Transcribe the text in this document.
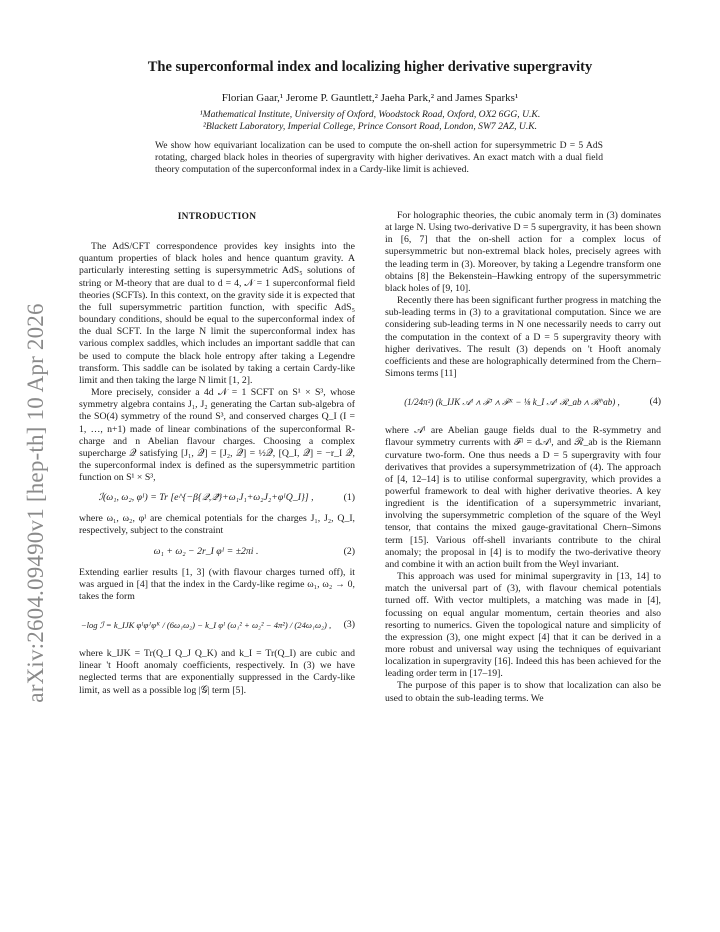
arXiv:2604.09490v1 [hep-th] 10 Apr 2026
The superconformal index and localizing higher derivative supergravity
Florian Gaar,¹ Jerome P. Gauntlett,² Jaeha Park,² and James Sparks¹
¹Mathematical Institute, University of Oxford, Woodstock Road, Oxford, OX2 6GG, U.K.
²Blackett Laboratory, Imperial College, Prince Consort Road, London, SW7 2AZ, U.K.
We show how equivariant localization can be used to compute the on-shell action for supersymmetric D = 5 AdS rotating, charged black holes in theories of supergravity with higher derivatives. An exact match with a dual field theory computation of the superconformal index in a Cardy-like limit is achieved.
INTRODUCTION

The AdS/CFT correspondence provides key insights into the quantum properties of black holes and hence quantum gravity. A particularly interesting setting is supersymmetric AdS₅ solutions of string or M-theory that are dual to d = 4, 𝒩 = 1 superconformal field theories (SCFTs). In this context, on the gravity side it is expected that the full supersymmetric partition function, with specific AdS₅ boundary conditions, should be equal to the superconformal index of the dual SCFT. In the large N limit the superconformal index has various complex saddles, which includes an important saddle that can be used to compute the black hole entropy after taking a Legendre transform. This saddle can be isolated by taking a certain Cardy-like limit and then taking the large N limit [1, 2].

More precisely, consider a 4d 𝒩 = 1 SCFT on S¹ × S³, whose symmetry algebra contains J₁, J₂ generating the Cartan sub-algebra of the SO(4) symmetry of the round S³, and conserved charges Q_I (I = 1, …, n+1) made of linear combinations of the superconformal R-charge and n Abelian flavour charges. Choosing a complex supercharge 𝒬 satisfying [J₁, 𝒬] = [J₂, 𝒬] = ½𝒬, [Q_I, 𝒬] = −r_I 𝒬, the superconformal index is defined as the supersymmetric partition function on S¹ × S³,

ℐ(ω₁, ω₂, φᴵ) = Tr [e^{−β{𝒬,𝒬̄}+ω₁J₁+ω₂J₂+φᴵQ_I}] ,	(1)

where ω₁, ω₂, φᴵ are chemical potentials for the charges J₁, J₂, Q_I, respectively, subject to the constraint

ω₁ + ω₂ − 2r_I φᴵ = ±2πi .	(2)

Extending earlier results [1, 3] (with flavour charges turned off), it was argued in [4] that the index in the Cardy-like regime ω₁, ω₂ → 0, takes the form

−log ℐ = k_IJK φᴵφᴶφᴷ / (6ω₁ω₂) − k_I φᴵ (ω₁² + ω₂² − 4π²) / (24ω₁ω₂) ,	(3)

where k_IJK = Tr(Q_I Q_J Q_K) and k_I = Tr(Q_I) are cubic and linear 't Hooft anomaly coefficients, respectively. In (3) we have neglected terms that are exponentially suppressed in the Cardy-like limit, as well as a possible log |𝒢| term [5].

For holographic theories, the cubic anomaly term in (3) dominates at large N. Using two-derivative D = 5 supergravity, it has been shown in [6, 7] that the on-shell action for a complex locus of supersymmetric but non-extremal black holes, precisely agrees with the leading term in (3). Moreover, by taking a Legendre transform one obtains [8] the Bekenstein–Hawking entropy of the supersymmetric black holes of [9, 10].

Recently there has been significant further progress in matching the sub-leading terms in (3) to a gravitational computation. Since we are considering sub-leading terms in N one necessarily needs to carry out the computation in the context of a D = 5 supergravity theory with higher derivatives. The result (3) depends on 't Hooft anomaly coefficients and these are holographically determined from the Chern–Simons terms [11]

(1/24π²) (k_IJK 𝒜ᴵ ∧ ℱᴶ ∧ ℱᴷ − ⅛ k_I 𝒜ᴵ ℛ_ab ∧ ℛ^ab) ,	(4)

where 𝒜ᴵ are Abelian gauge fields dual to the R-symmetry and flavour symmetry currents with ℱᴵ = d𝒜ᴵ, and ℛ_ab is the Riemann curvature two-form. One thus needs a D = 5 supergravity with four derivatives that provides a supersymmetrization of (4). The approach of [4, 12–14] is to utilise conformal supergravity, which provides a powerful framework to deal with higher derivative theories. A key ingredient is the identification of a supersymmetric invariant, involving the supersymmetric completion of the square of the Weyl tensor, that contains the mixed gauge-gravitational Chern–Simons term [15]. Various off-shell invariants contribute to the chiral anomaly; the proposal in [4] is to modify the two-derivative theory and combine it with an action built from the Weyl invariant.

This approach was used for minimal supergravity in [13, 14] to match the universal part of (3), with flavour chemical potentials turned off. With vector multiplets, a matching was made in [4], focussing on equal angular momentum, certain theories and also resorting to numerics. Given the topological nature and simplicity of the expression (3), one might expect [4] that it can be derived in a more robust and universal way using the techniques of equivariant localization in supergravity [16]. Indeed this has been achieved for the leading order term in [17–19].

The purpose of this paper is to show that localization can also be used to obtain the sub-leading terms. We
